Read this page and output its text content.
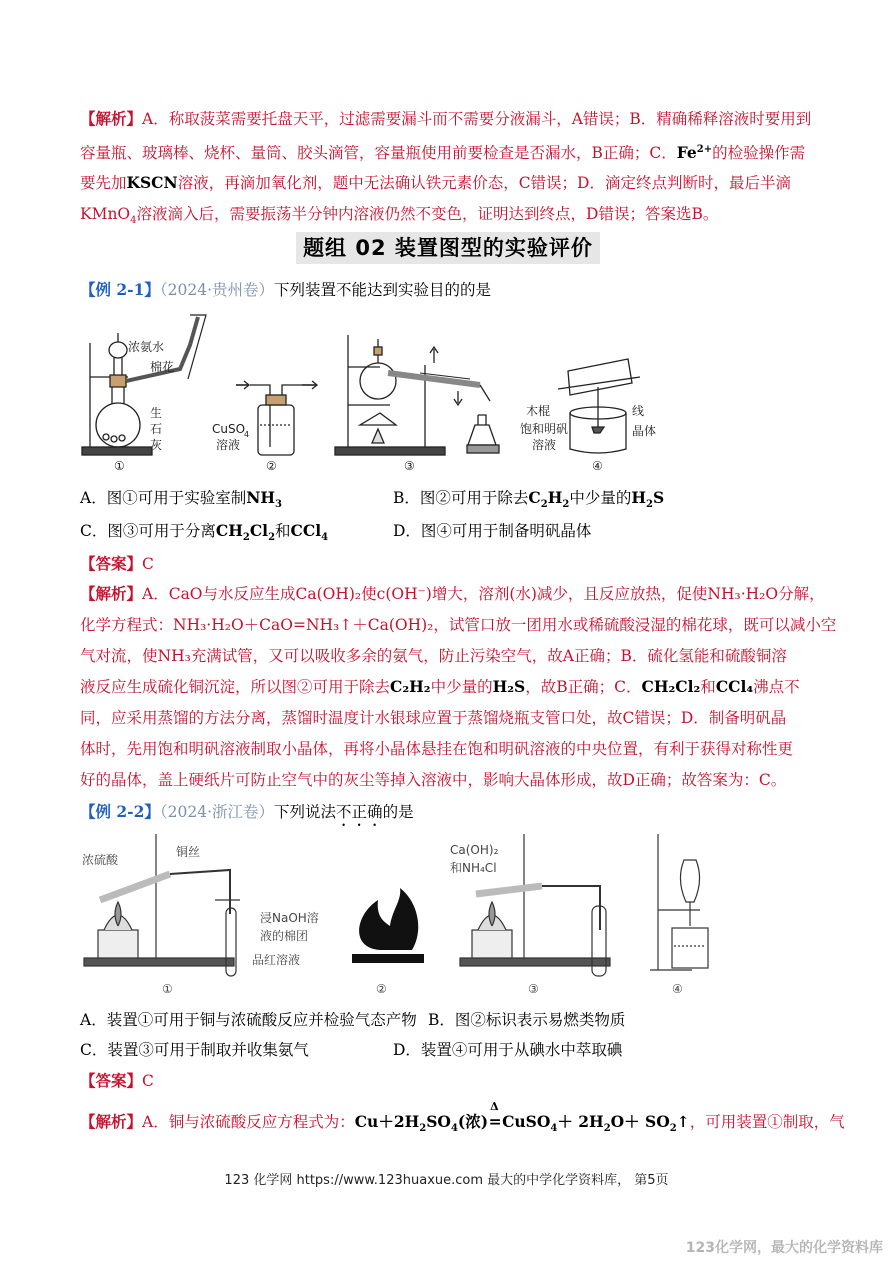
【解析】A．称取菠菜需要托盘天平，过滤需要漏斗而不需要分液漏斗，A错误；B．精确稀释溶液时要用到容量瓶、玻璃棒、烧杯、量筒、胶头滴管，容量瓶使用前要检查是否漏水，B正确；C．$Fe^{2+}$的检验操作需要先加KSCN溶液，再滴加氧化剂，题中无法确认铁元素价态，C错误；D．滴定终点判断时，最后半滴KMnO$_4$溶液滴入后，需要振荡半分钟内溶液仍然不变色，证明达到终点，D错误；答案选B。
题组 02 装置图型的实验评价
【例 2-1】（2024·贵州卷）下列装置不能达到实验目的的是
浓氨水
棉花
生
石
灰
CuSO
4
溶液
木棍	线
饱和明矾	晶体
溶液
①	②	③	④
A．图①可用于实验室制$NH_3$	B．图②可用于除去$C_2H_2$中少量的$H_2S$
C．图③可用于分离$CH_2Cl_2$和CCl$_4$	D．图④可用于制备明矾晶体
【答案】C
【解析】A．CaO与水反应生成Ca(OH)₂使c(OH⁻)增大，溶剂(水)减少，且反应放热，促使NH₃·H₂O分解，
化学方程式：NH₃·H₂O＋CaO=NH₃↑＋Ca(OH)₂，试管口放一团用水或稀硫酸浸湿的棉花球，既可以减小空
气对流，使NH₃充满试管，又可以吸收多余的氨气，防止污染空气，故A正确；B．硫化氢能和硫酸铜溶
液反应生成硫化铜沉淀，所以图②可用于除去C₂H₂中少量的H₂S，故B正确；C．CH₂Cl₂和CCl₄沸点不
同，应采用蒸馏的方法分离，蒸馏时温度计水银球应置于蒸馏烧瓶支管口处，故C错误；D．制备明矾晶
体时，先用饱和明矾溶液制取小晶体，再将小晶体悬挂在饱和明矾溶液的中央位置，有利于获得对称性更
好的晶体，盖上硬纸片可防止空气中的灰尘等掉入溶液中，影响大晶体形成，故D正确；故答案为：C。
【例 2-2】（2024·浙江卷）下列说法不正确的是
浓硫酸
铜丝
浸NaOH溶
液的棉团
品红溶液
Ca(OH)₂
和NH₄Cl
①	②	③	④
A．装置①可用于铜与浓硫酸反应并检验气态产物 B．图②标识表示易燃类物质
C．装置③可用于制取并收集氨气	D．装置④可用于从碘水中萃取碘
【答案】C
【解析】A．铜与浓硫酸反应方程式为：$Cu+2H_2SO_4$(浓)
Δ
=CuSO$_4$＋ $2H_2O+$ $SO_2↑$，可用装置①制取，气
123 化学网 https://www.123huaxue.com 最大的中学化学资料库， 第5页
123化学网，最大的化学资料库
